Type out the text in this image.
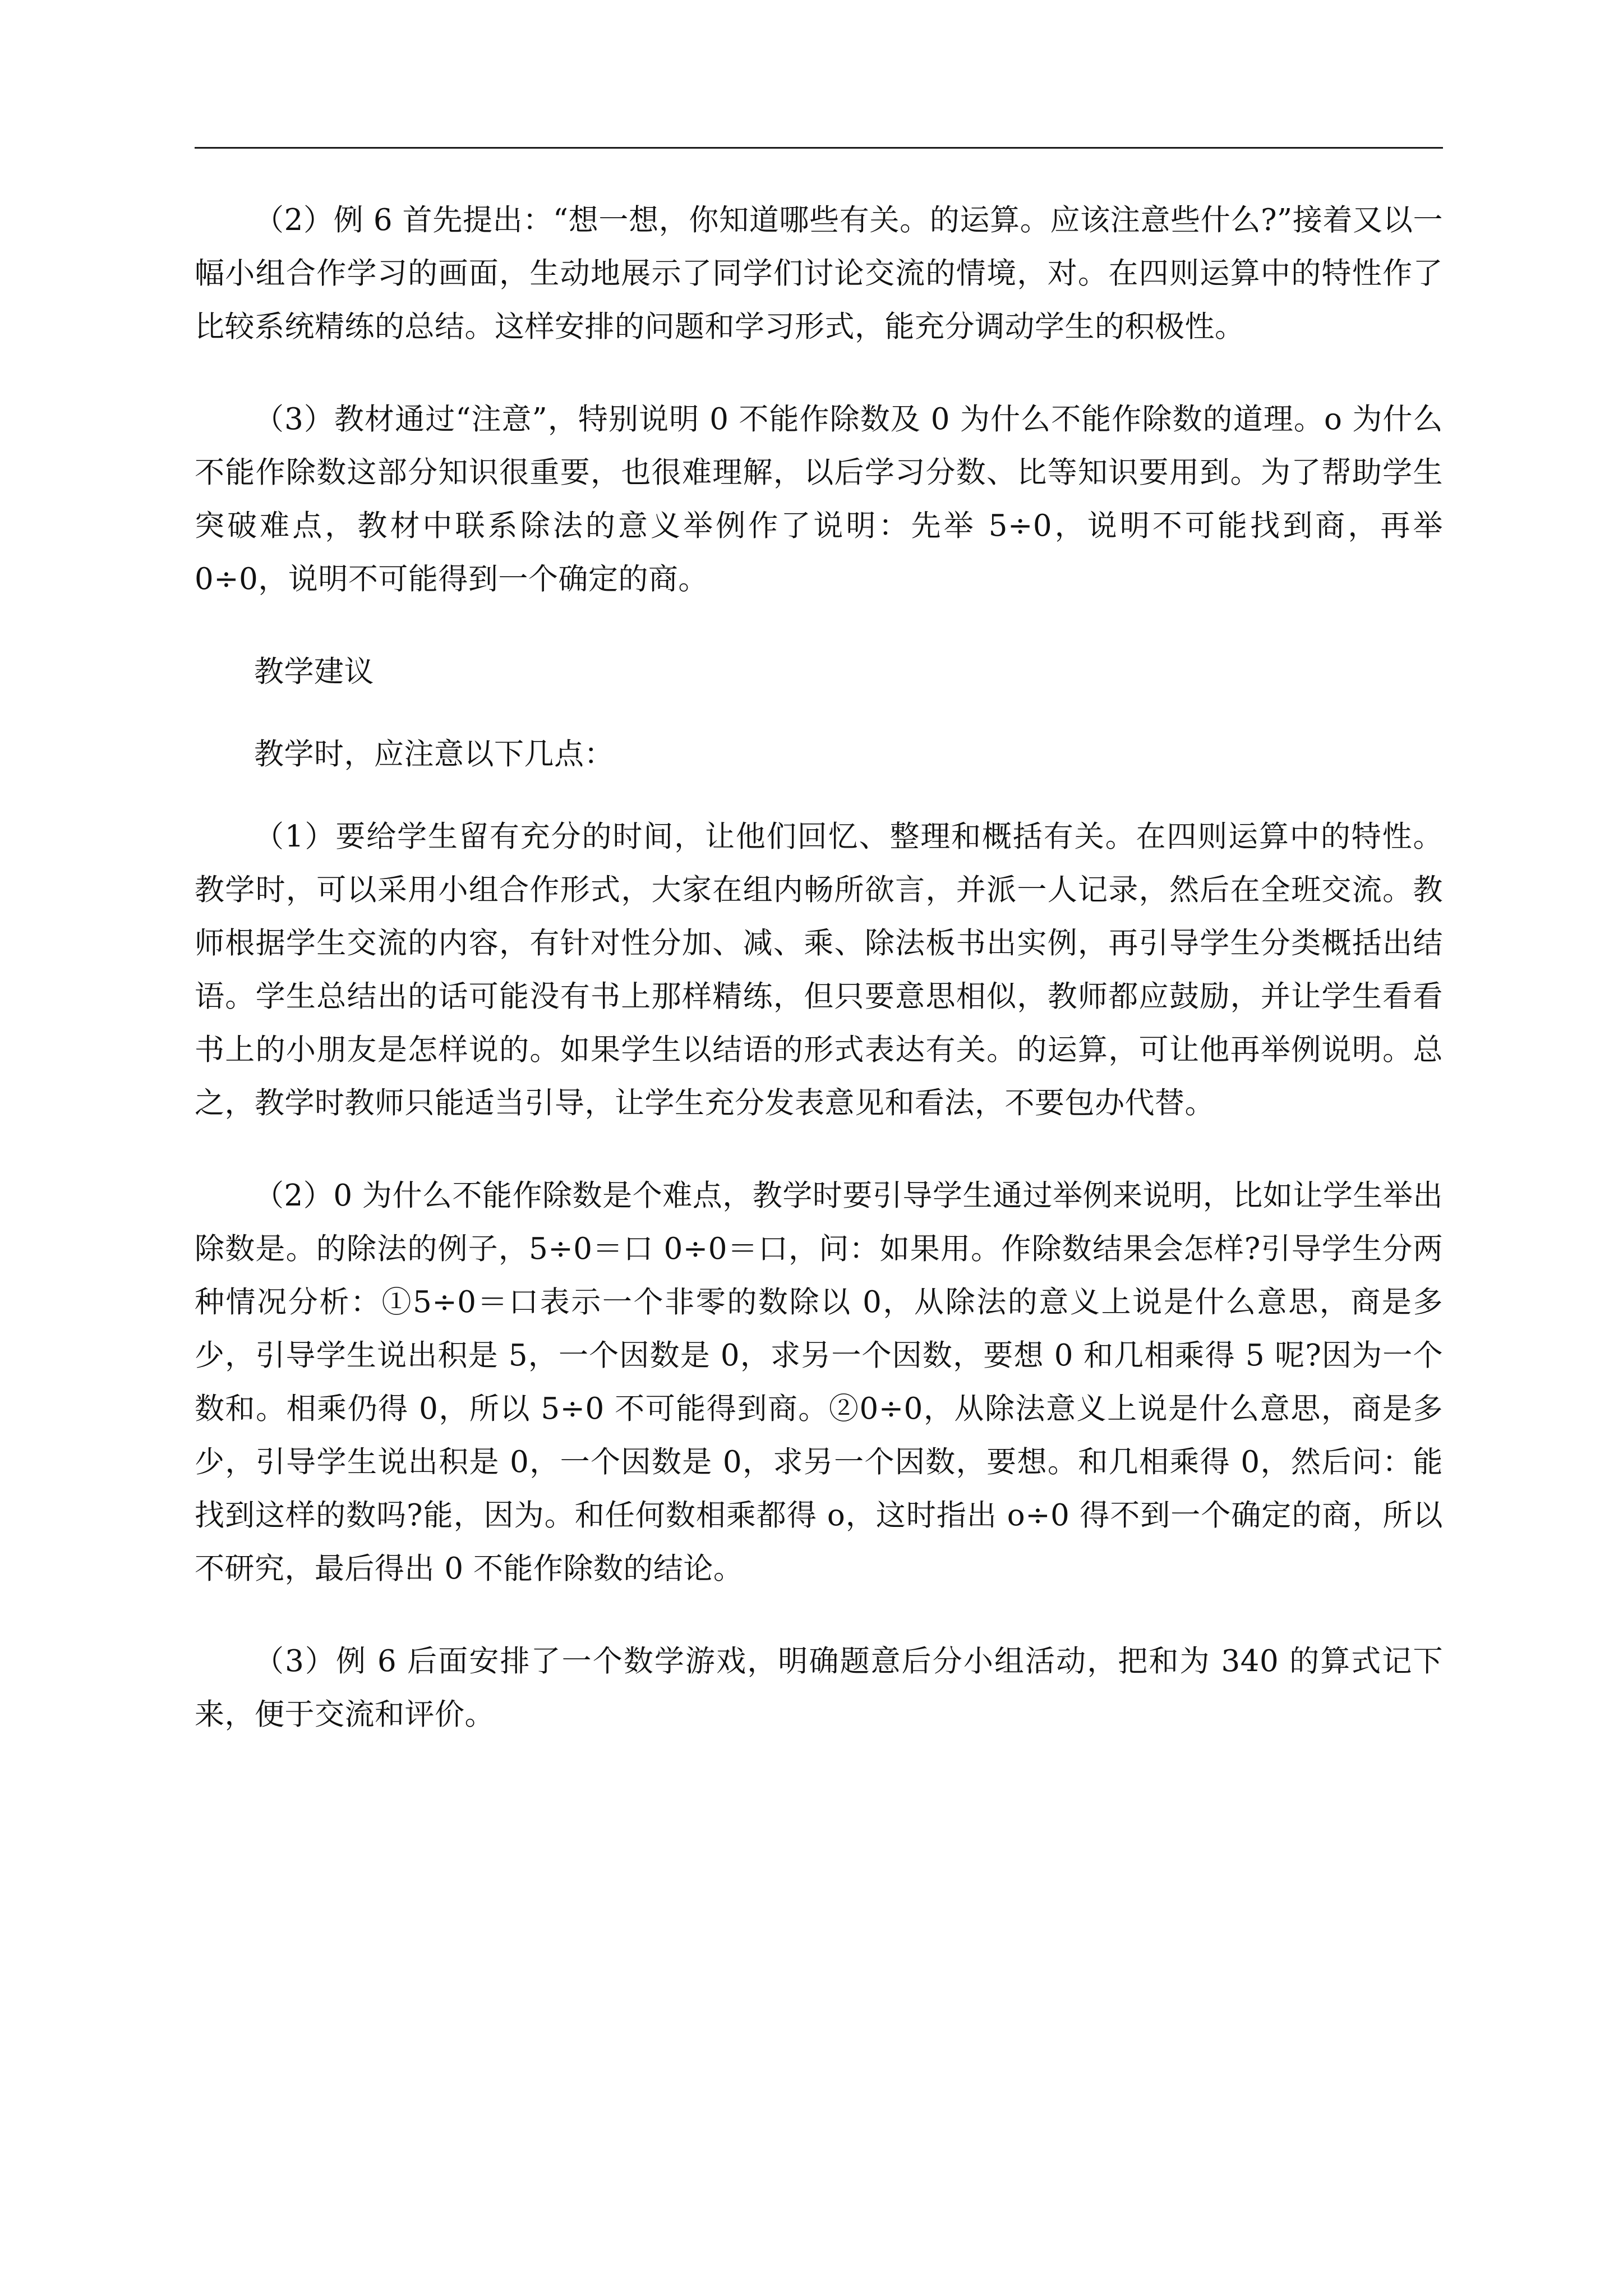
（2）例 6 首先提出：“想一想，你知道哪些有关。的运算。应该注意些什么?”接着又以一幅小组合作学习的画面，生动地展示了同学们讨论交流的情境，对。在四则运算中的特性作了比较系统精练的总结。这样安排的问题和学习形式，能充分调动学生的积极性。

（3）教材通过“注意”，特别说明 0 不能作除数及 0 为什么不能作除数的道理。o 为什么不能作除数这部分知识很重要，也很难理解，以后学习分数、比等知识要用到。为了帮助学生突破难点，教材中联系除法的意义举例作了说明：先举 5÷0，说明不可能找到商，再举 0÷0，说明不可能得到一个确定的商。

教学建议

教学时，应注意以下几点：

（1）要给学生留有充分的时间，让他们回忆、整理和概括有关。在四则运算中的特性。教学时，可以采用小组合作形式，大家在组内畅所欲言，并派一人记录，然后在全班交流。教师根据学生交流的内容，有针对性分加、减、乘、除法板书出实例，再引导学生分类概括出结语。学生总结出的话可能没有书上那样精练，但只要意思相似，教师都应鼓励，并让学生看看书上的小朋友是怎样说的。如果学生以结语的形式表达有关。的运算，可让他再举例说明。总之，教学时教师只能适当引导，让学生充分发表意见和看法，不要包办代替。

（2）0 为什么不能作除数是个难点，教学时要引导学生通过举例来说明，比如让学生举出除数是。的除法的例子，5÷0＝口 0÷0＝口，问：如果用。作除数结果会怎样?引导学生分两种情况分析：①5÷0＝口表示一个非零的数除以 0，从除法的意义上说是什么意思，商是多少，引导学生说出积是 5，一个因数是 0，求另一个因数，要想 0 和几相乘得 5 呢?因为一个数和。相乘仍得 0，所以 5÷0 不可能得到商。②0÷0，从除法意义上说是什么意思，商是多少，引导学生说出积是 0，一个因数是 0，求另一个因数，要想。和几相乘得 0，然后问：能找到这样的数吗?能，因为。和任何数相乘都得 o，这时指出 o÷0 得不到一个确定的商，所以不研究，最后得出 0 不能作除数的结论。

（3）例 6 后面安排了一个数学游戏，明确题意后分小组活动，把和为 340 的算式记下来，便于交流和评价。
